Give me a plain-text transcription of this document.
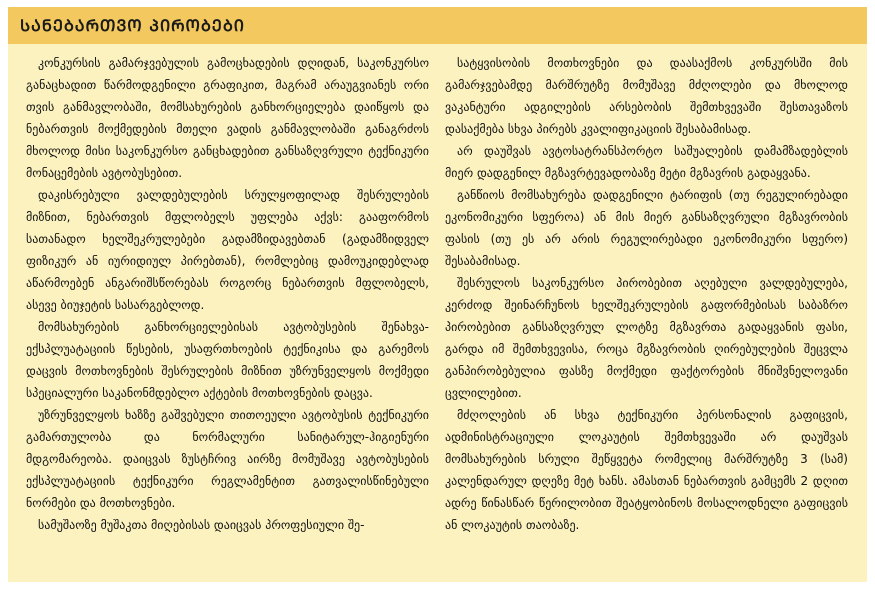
ᲡᲐᲜᲔᲑᲐᲠᲗᲕᲝ ᲞᲘᲠᲝᲑᲔᲑᲘ

კონკურსის გამარჯვებულის გამოცხადების დღიდან, საკონკურსო განაცხადით წარმოდგენილი გრაფიკით, მაგრამ არაუგვიანეს ორი თვის განმავლობაში, მომსახურების განხორციელება დაიწყოს და ნებართვის მოქმედების მთელი ვადის განმავლობაში განაგრძოს მხოლოდ მისი საკონკურსო განცხადებით განსაზღვრული ტექნიკური მონაცემების ავტობუსებით.

დაკისრებული ვალდებულების სრულყოფილად შესრულების მიზნით, ნებართვის მფლობელს უფლება აქვს: გააფორმოს სათანადო ხელშეკრულებები გადამზიდავებთან (გადამზიდველ ფიზიკურ ან იურიდიულ პირებთან), რომლებიც დამოუკიდებლად აწარმოებენ ანგარიშსწორებას როგორც ნებართვის მფლობელს, ასევე ბიუჯეტის სასარგებლოდ.

მომსახურების განხორციელებისას ავტობუსების შენახვა-ექსპლუატაციის წესების, უსაფრთხოების ტექნიკისა და გარემოს დაცვის მოთხოვნების შესრულების მიზნით უზრუნველყოს მოქმედი სპეციალური საკანონმდებლო აქტების მოთხოვნების დაცვა.

უზრუნველყოს ხაზზე გაშვებული თითოეული ავტობუსის ტექნიკური გამართულობა და ნორმალური სანიტარულ-ჰიგიენური მდგომარეობა. დაიცვას ზუსტჩრივ აირზე მომუშავე ავტობუსების ექსპლუატაციის ტექნიკური რეგლამენტით გათვალისწინებული ნორმები და მოთხოვნები.

სამუშაოზე მუშაკთა მიღებისას დაიცვას პროფესიული შე-

სატყვისობის მოთხოვნები და დაასაქმოს კონკურსში მის გამარჯვებამდე მარშრუტზე მომუშავე მძღოლები და მხოლოდ ვაკანტური ადგილების არსებობის შემთხვევაში შესთავაზოს დასაქმება სხვა პირებს კვალიფიკაციის შესაბამისად.

არ დაუშვას ავტოსატრანსპორტო საშუალების დამამზადებლის მიერ დადგენილ მგზავრტევადობაზე მეტი მგზავრის გადაყვანა.

განწიოს მომსახურება დადგენილი ტარიფის (თუ რეგულირებადი ეკონომიკური სფეროა) ან მის მიერ განსაზღვრული მგზავრობის ფასის (თუ ეს არ არის რეგულირებადი ეკონომიკური სფერო) შესაბამისად.

შესრულოს საკონკურსო პირობებით აღებული ვალდებულება, კერძოდ შეინარჩუნოს ხელშეკრულების გაფორმებისას საბაზრო პირობებით განსაზღვრულ ლოტზე მგზავრთა გადაყვანის ფასი, გარდა იმ შემთხვევისა, როცა მგზავრობის ღირებულების შეცვლა განპირობებულია ფასზე მოქმედი ფაქტორების მნიშვნელოვანი ცვლილებით.

მძღოლების ან სხვა ტექნიკური პერსონალის გაფიცვის, ადმინისტრაციული ლოკაუტის შემთხვევაში არ დაუშვას მომსახურების სრული შეწყვეტა რომელიც მარშრუტზე 3 (სამ) კალენდარულ დღეზე მეტ ხანს. ამასთან ნებართვის გამცემს 2 დღით ადრე წინასწარ წერილობით შეატყობინოს მოსალოდნელი გაფიცვის ან ლოკაუტის თაობაზე.
